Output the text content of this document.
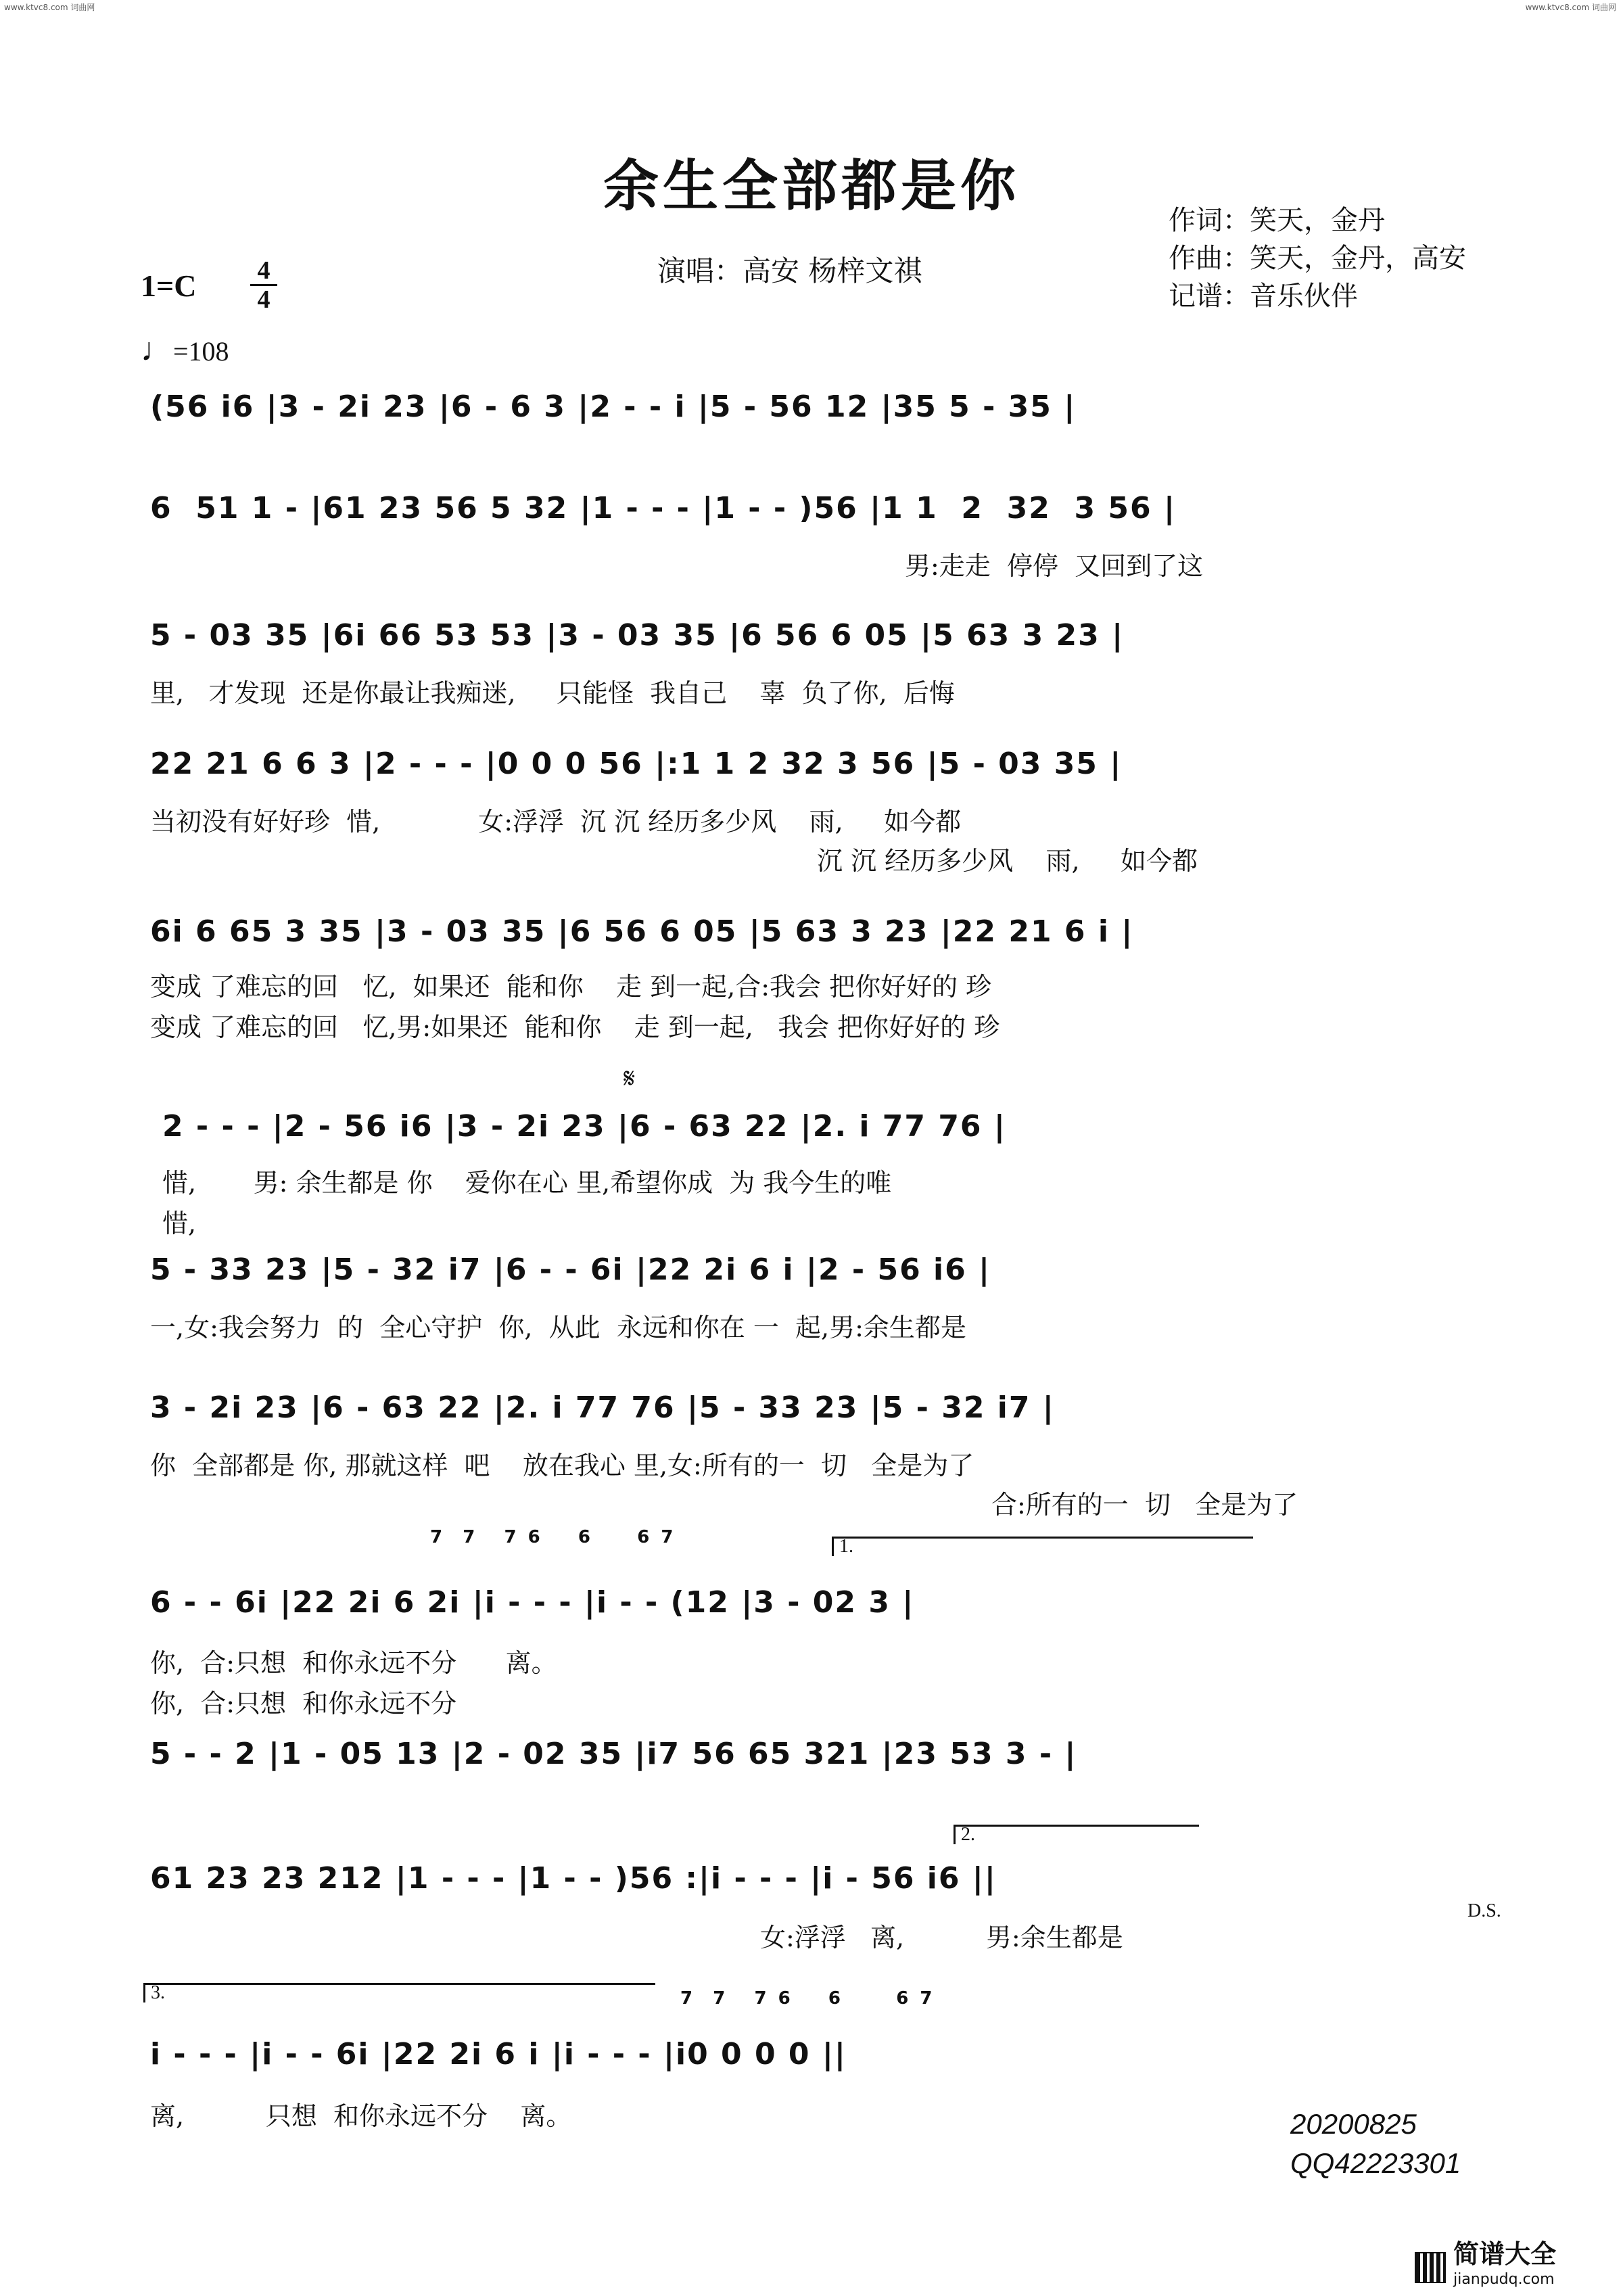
www.ktvc8.com 词曲网	www.ktvc8.com 词曲网
余生全部都是你
作词：笑天，金丹
作曲：笑天，金丹，高安
记谱：音乐伙伴
演唱：高安 杨梓文祺
1=C 4
4
♩=108
𝄋
D.S.
1.
2.
3.
(56 i6 |3 - 2i 23 |6 - 6 3 |2 - - i |5 - 56 12 |35 5 - 35 |
6  51 1 - |61 23 56 5 32 |1 - - - |1 - - )56 |1 1  2  32  3 56 |
男:走走  停停  又回到了这
5 - 03 35 |6i 66 53 53 |3 - 03 35 |6 56 6 05 |5 63 3 23 |
里,   才发现  还是你最让我痴迷,     只能怪  我自己    辜  负了你,  后悔
22 21 6 6 3 |2 - - - |0 0 0 56 |:1 1 2 32 3 56 |5 - 03 35 |
当初没有好好珍  惜,            女:浮浮  沉 沉 经历多少风    雨,     如今都
沉 沉 经历多少风    雨,     如今都
6i 6 65 3 35 |3 - 03 35 |6 56 6 05 |5 63 3 23 |22 21 6 i |
变成 了难忘的回   忆,  如果还  能和你    走 到一起,合:我会 把你好好的 珍
变成 了难忘的回   忆,男:如果还  能和你    走 到一起,   我会 把你好好的 珍
2 - - - |2 - 56 i6 |3 - 2i 23 |6 - 63 22 |2. i 77 76 |
惜,       男: 余生都是 你    爱你在心 里,希望你成  为 我今生的唯
惜,
5 - 33 23 |5 - 32 i7 |6 - - 6i |22 2i 6 i |2 - 56 i6 |
一,女:我会努力  的  全心守护  你,  从此  永远和你在 一  起,男:余生都是
3 - 2i 23 |6 - 63 22 |2. i 77 76 |5 - 33 23 |5 - 32 i7 |
你  全部都是 你, 那就这样  吧    放在我心 里,女:所有的一  切   全是为了
合:所有的一  切   全是为了
7  7   7 6    6     6 7
6 - - 6i |22 2i 6 2i |i - - - |i - - (12 |3 - 02 3 |
你,  合:只想  和你永远不分      离。
你,  合:只想  和你永远不分
5 - - 2 |1 - 05 13 |2 - 02 35 |i7 56 65 321 |23 53 3 - |
61 23 23 212 |1 - - - |1 - - )56 :|i - - - |i - 56 i6 ||
女:浮浮   离,          男:余生都是
7  7   7 6    6      6 7
i - - - |i - - 6i |22 2i 6 i |i - - - |i0 0 0 0 ||
离,          只想  和你永远不分    离。	20200825
QQ42223301
简谱大全
jianpudq.com
